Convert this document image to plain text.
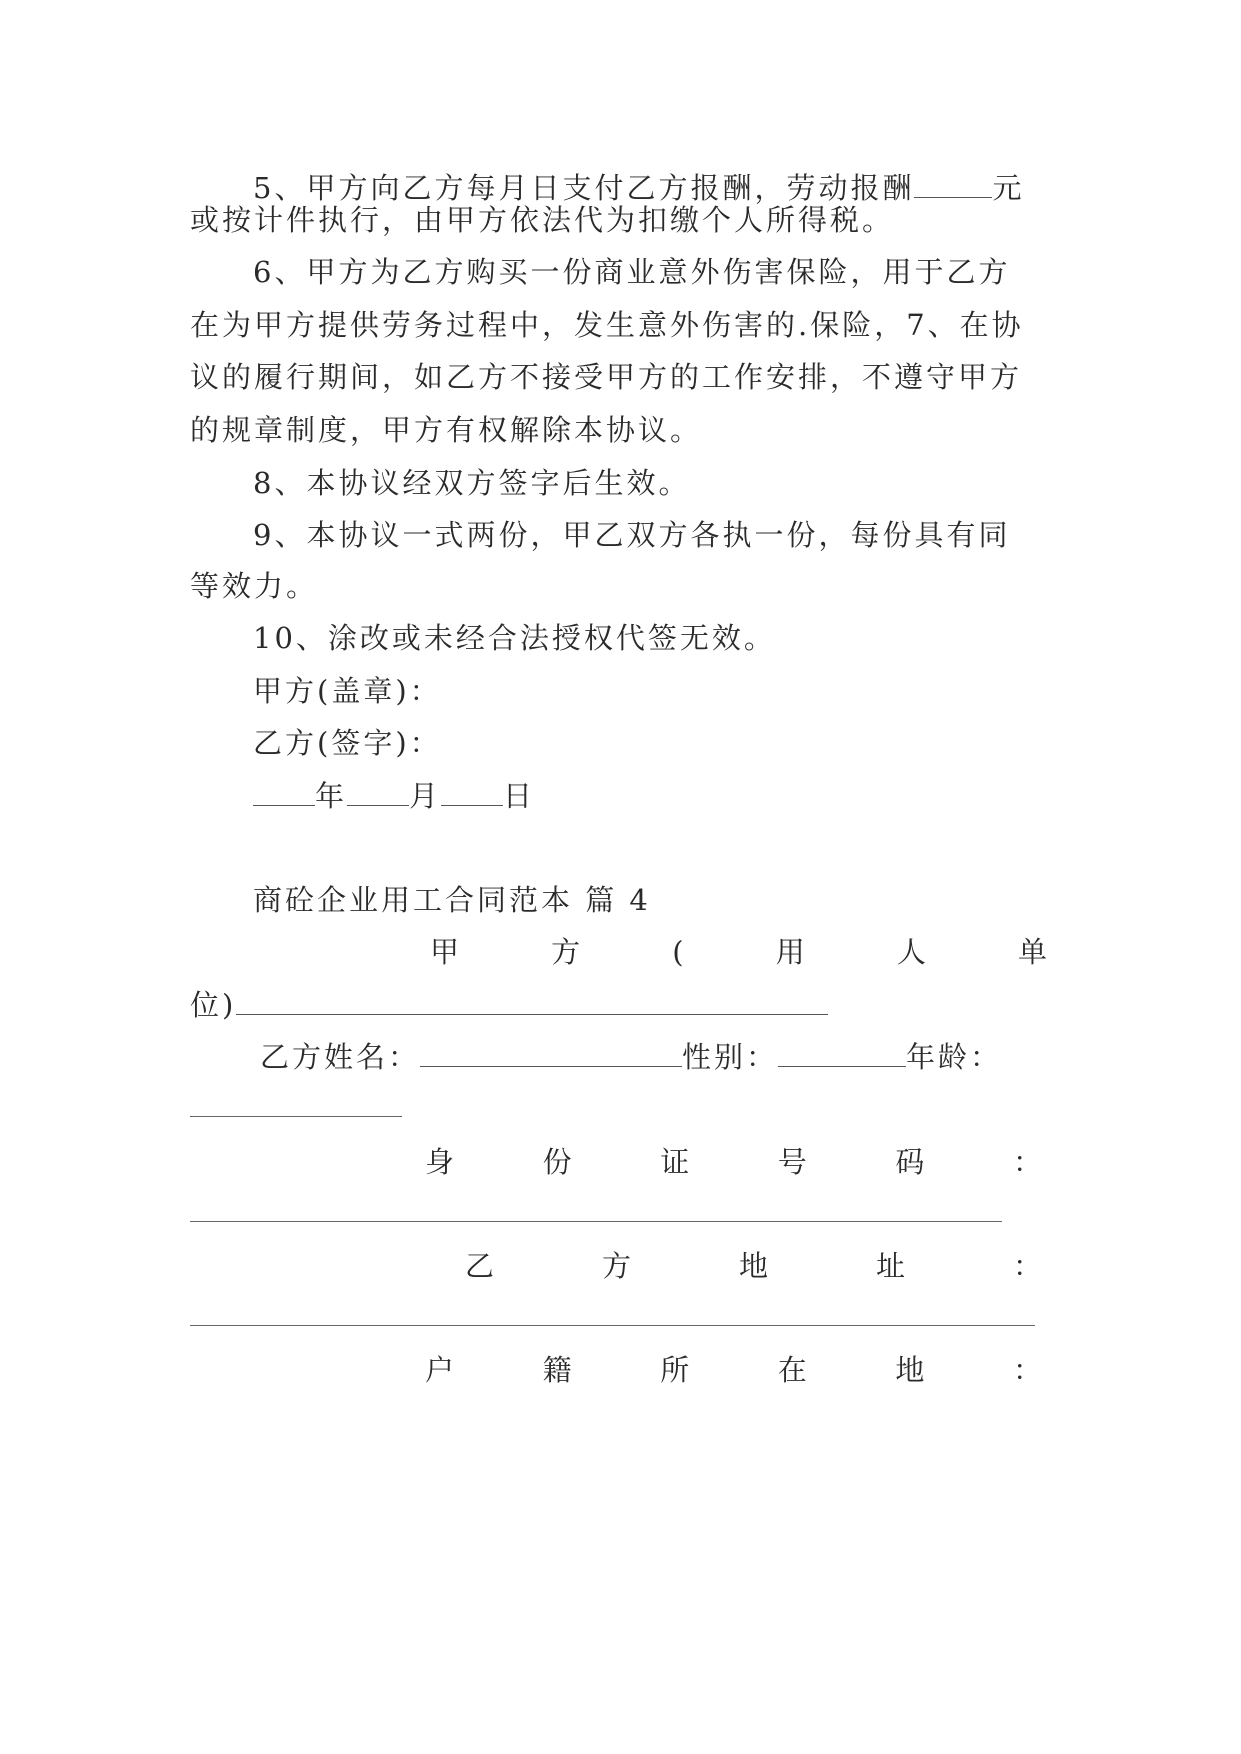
5、甲方向乙方每月日支付乙方报酬，劳动报酬	元
或按计件执行，由甲方依法代为扣缴个人所得税。
6、甲方为乙方购买一份商业意外伤害保险，用于乙方
在为甲方提供劳务过程中，发生意外伤害的.保险，7、在协
议的履行期间，如乙方不接受甲方的工作安排，不遵守甲方
的规章制度，甲方有权解除本协议。
8、本协议经双方签字后生效。
9、本协议一式两份，甲乙双方各执一份，每份具有同
等效力。
10、涂改或未经合法授权代签无效。
甲方(盖章)：
乙方(签字)：
年 月 日
商砼企业用工合同范本 篇 4
甲	方	(	用	人	单
位)
乙方姓名：	性别：	年龄：
身	份	证	号	码	：
乙	方	地	址	：
户	籍	所	在	地	：
